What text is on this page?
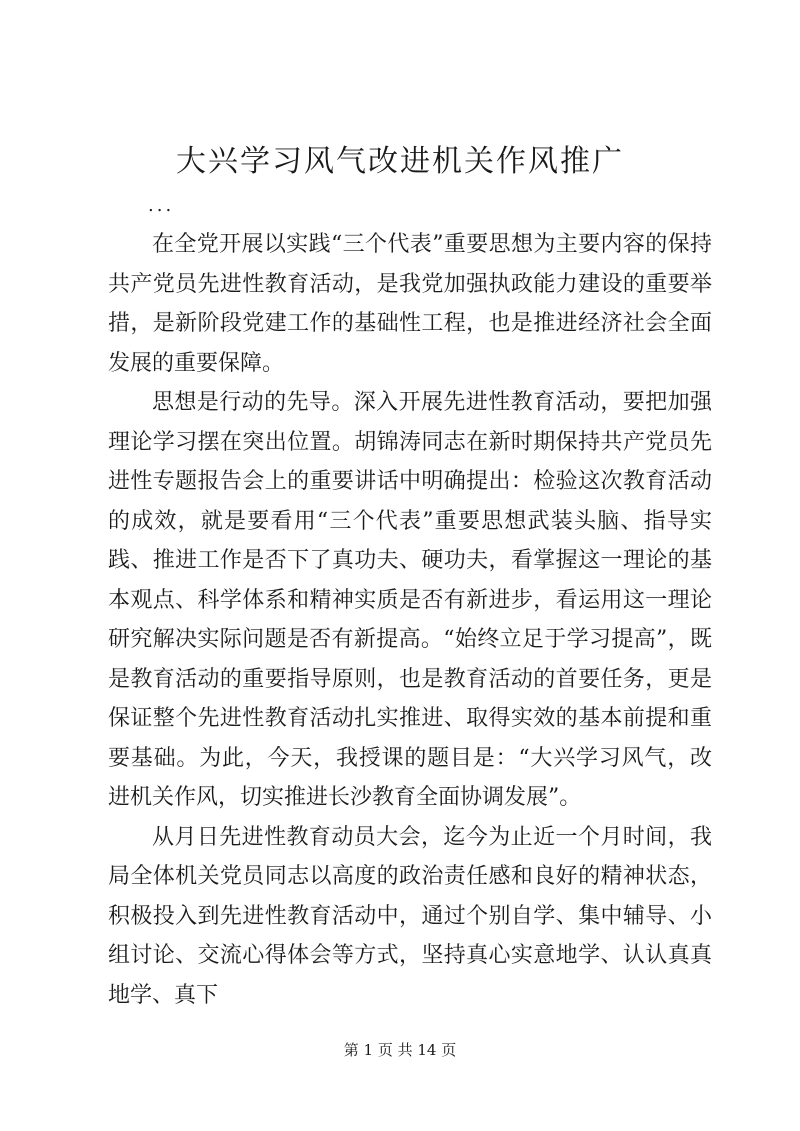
大兴学习风气改进机关作风推广
...

在全党开展以实践“三个代表”重要思想为主要内容的保持共产党员先进性教育活动，是我党加强执政能力建设的重要举措，是新阶段党建工作的基础性工程，也是推进经济社会全面发展的重要保障。

思想是行动的先导。深入开展先进性教育活动，要把加强理论学习摆在突出位置。胡锦涛同志在新时期保持共产党员先进性专题报告会上的重要讲话中明确提出：检验这次教育活动的成效，就是要看用“三个代表”重要思想武装头脑、指导实践、推进工作是否下了真功夫、硬功夫，看掌握这一理论的基本观点、科学体系和精神实质是否有新进步，看运用这一理论研究解决实际问题是否有新提高。“始终立足于学习提高”，既是教育活动的重要指导原则，也是教育活动的首要任务，更是保证整个先进性教育活动扎实推进、取得实效的基本前提和重要基础。为此，今天，我授课的题目是：“大兴学习风气，改进机关作风，切实推进长沙教育全面协调发展”。

从月日先进性教育动员大会，迄今为止近一个月时间，我局全体机关党员同志以高度的政治责任感和良好的精神状态，积极投入到先进性教育活动中，通过个别自学、集中辅导、小组讨论、交流心得体会等方式，坚持真心实意地学、认认真真地学、真下

第 1 页 共 14 页
